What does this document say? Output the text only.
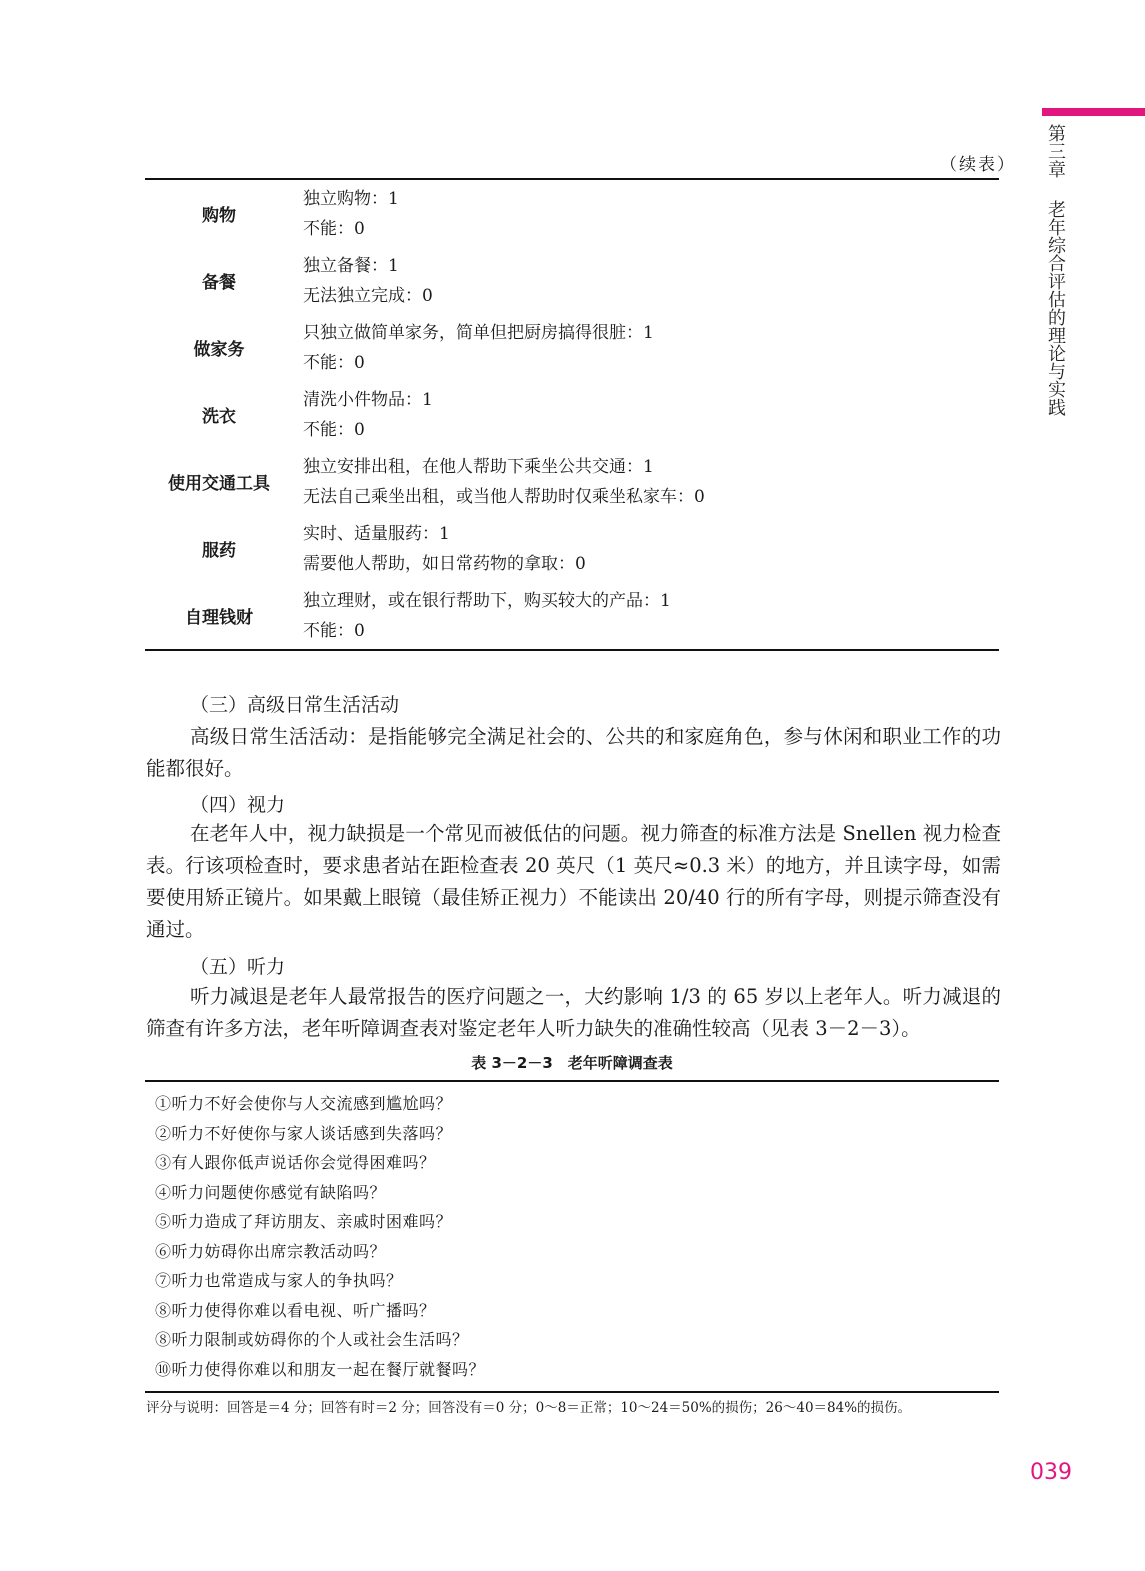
第三章老年综合评估的理论与实践
（续表）
购物	独立购物：1
不能：0

备餐	独立备餐：1
无法独立完成：0

做家务	只独立做简单家务，简单但把厨房搞得很脏：1
不能：0

洗衣	清洗小件物品：1
不能：0

使用交通工具	独立安排出租，在他人帮助下乘坐公共交通：1
无法自己乘坐出租，或当他人帮助时仅乘坐私家车：0

服药	实时、适量服药：1
需要他人帮助，如日常药物的拿取：0

自理钱财	独立理财，或在银行帮助下，购买较大的产品：1
不能：0
（三）高级日常生活活动
高级日常生活活动：是指能够完全满足社会的、公共的和家庭角色，参与休闲和职业工作的功能都很好。
（四）视力
在老年人中，视力缺损是一个常见而被低估的问题。视力筛查的标准方法是 Snellen 视力检查表。行该项检查时，要求患者站在距检查表 20 英尺（1 英尺≈0.3 米）的地方，并且读字母，如需要使用矫正镜片。如果戴上眼镜（最佳矫正视力）不能读出 20/40 行的所有字母，则提示筛查没有通过。
（五）听力
听力减退是老年人最常报告的医疗问题之一，大约影响 1/3 的 65 岁以上老年人。听力减退的筛查有许多方法，老年听障调查表对鉴定老年人听力缺失的准确性较高（见表 3－2－3）。
表 3－2－3　老年听障调查表
①听力不好会使你与人交流感到尴尬吗？
②听力不好使你与家人谈话感到失落吗？
③有人跟你低声说话你会觉得困难吗？
④听力问题使你感觉有缺陷吗？
⑤听力造成了拜访朋友、亲戚时困难吗？
⑥听力妨碍你出席宗教活动吗？
⑦听力也常造成与家人的争执吗？
⑧听力使得你难以看电视、听广播吗？
⑧听力限制或妨碍你的个人或社会生活吗？
⑩听力使得你难以和朋友一起在餐厅就餐吗？
评分与说明：回答是＝4 分；回答有时＝2 分；回答没有＝0 分；0～8＝正常；10～24＝50%的损伤；26～40＝84%的损伤。
039
